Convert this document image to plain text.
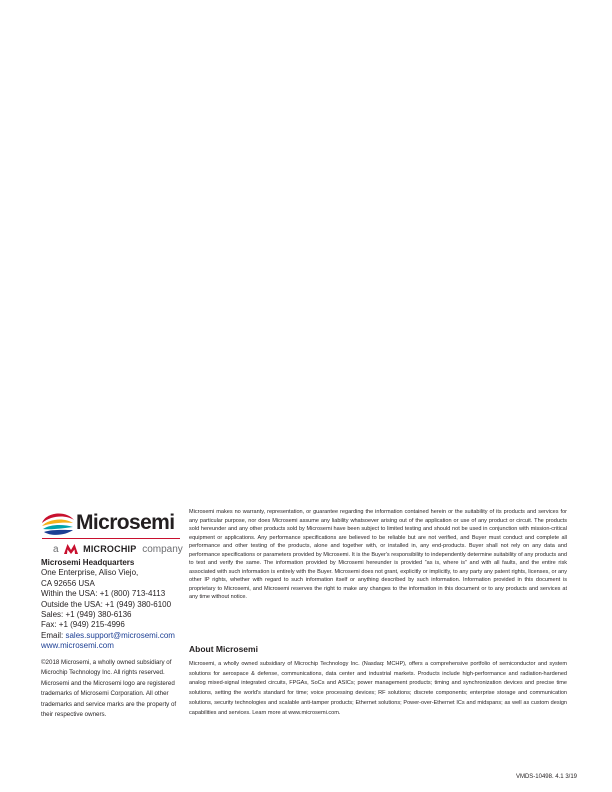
Microsemi
a	MICROCHIP company
Microsemi Headquarters
One Enterprise, Aliso Viejo,
CA 92656 USA
Within the USA: +1 (800) 713-4113
Outside the USA: +1 (949) 380-6100
Sales: +1 (949) 380-6136
Fax: +1 (949) 215-4996
Email: sales.support@microsemi.com
www.microsemi.com
©2018 Microsemi, a wholly owned subsidiary of Microchip Technology Inc. All rights reserved. Microsemi and the Microsemi logo are registered trademarks of Microsemi Corporation. All other trademarks and service marks are the property of their respective owners.
Microsemi makes no warranty, representation, or guarantee regarding the information contained herein or the suitability of its products and services for any particular purpose, nor does Microsemi assume any liability whatsoever arising out of the application or use of any product or circuit. The products sold hereunder and any other products sold by Microsemi have been subject to limited testing and should not be used in conjunction with mission-critical equipment or applications. Any performance specifications are believed to be reliable but are not verified, and Buyer must conduct and complete all performance and other testing of the products, alone and together with, or installed in, any end-products. Buyer shall not rely on any data and performance specifications or parameters provided by Microsemi. It is the Buyer's responsibility to independently determine suitability of any products and to test and verify the same. The information provided by Microsemi hereunder is provided “as is, where is” and with all faults, and the entire risk associated with such information is entirely with the Buyer. Microsemi does not grant, explicitly or implicitly, to any party any patent rights, licenses, or any other IP rights, whether with regard to such information itself or anything described by such information. Information provided in this document is proprietary to Microsemi, and Microsemi reserves the right to make any changes to the information in this document or to any products and services at any time without notice.
About Microsemi
Microsemi, a wholly owned subsidiary of Microchip Technology Inc. (Nasdaq: MCHP), offers a comprehensive portfolio of semiconductor and system solutions for aerospace & defense, communications, data center and industrial markets. Products include high-performance and radiation-hardened analog mixed-signal integrated circuits, FPGAs, SoCs and ASICs; power management products; timing and synchronization devices and precise time solutions, setting the world's standard for time; voice processing devices; RF solutions; discrete components; enterprise storage and communication solutions, security technologies and scalable anti-tamper products; Ethernet solutions; Power-over-Ethernet ICs and midspans; as well as custom design capabilities and services. Learn more at www.microsemi.com.
VMDS-10498. 4.1 3/19
